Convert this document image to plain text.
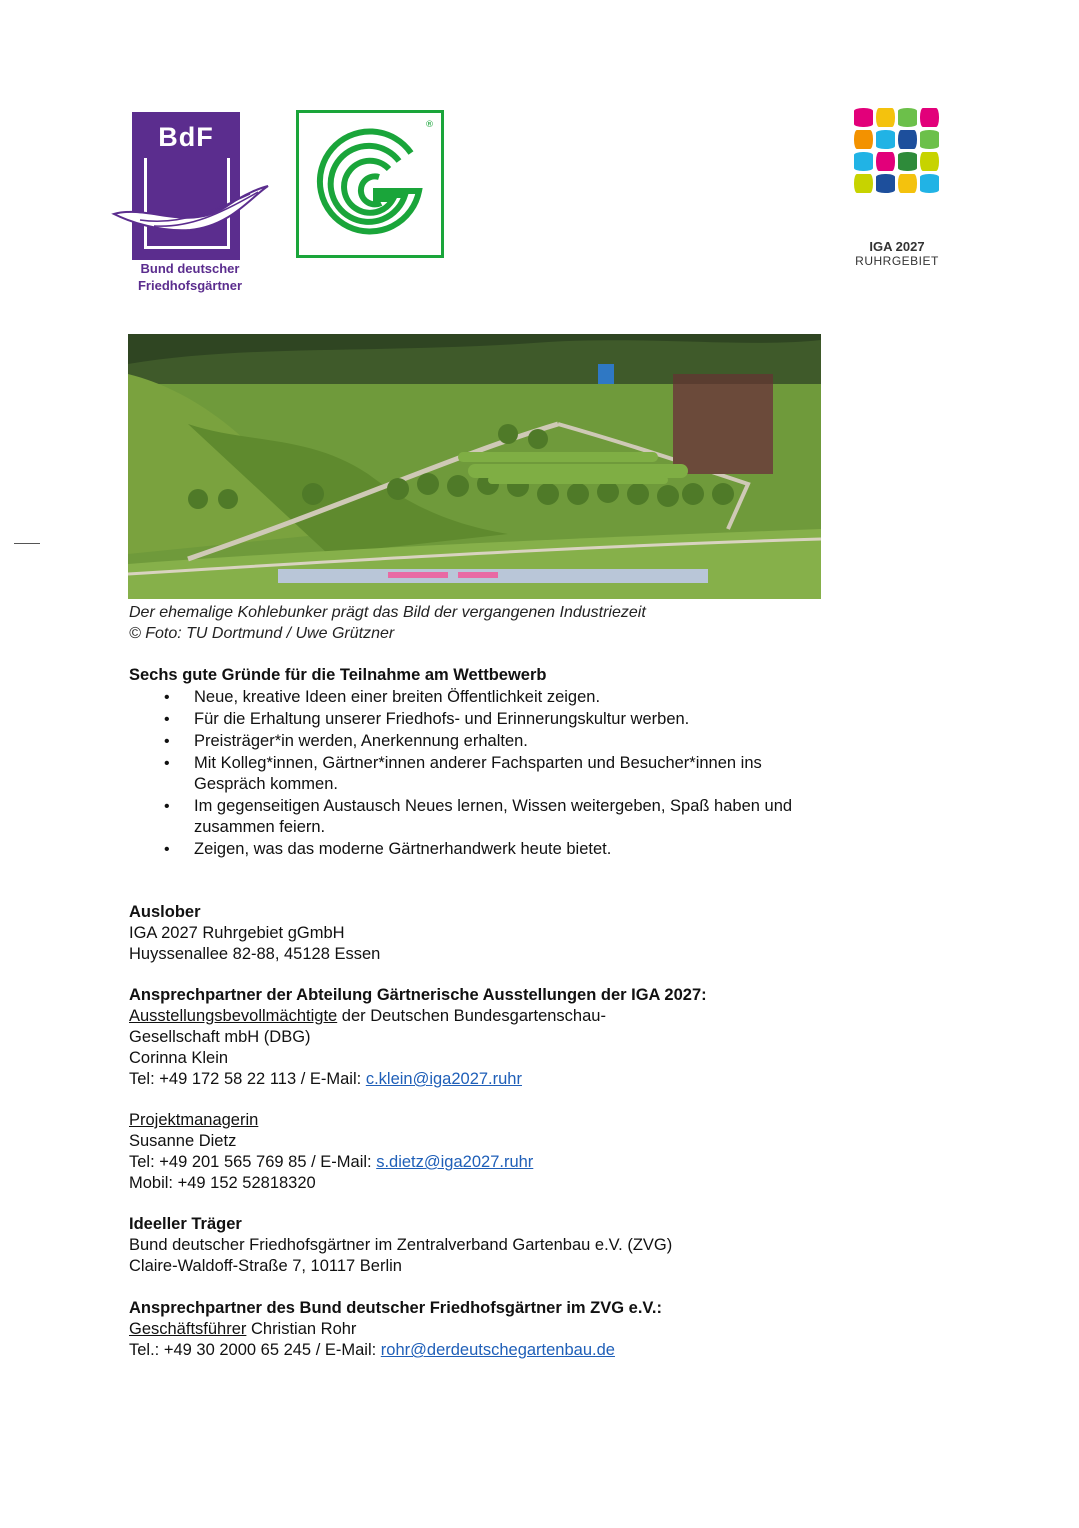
BdF
Bund deutscher
Friedhofsgärtner
®
IGA 2027
RUHRGEBIET
Der ehemalige Kohlebunker prägt das Bild der vergangenen Industriezeit
© Foto: TU Dortmund / Uwe Grützner
Sechs gute Gründe für die Teilnahme am Wettbewerb
• Neue, kreative Ideen einer breiten Öffentlichkeit zeigen.
• Für die Erhaltung unserer Friedhofs- und Erinnerungskultur werben.
• Preisträger*in werden, Anerkennung erhalten.
• Mit Kolleg*innen, Gärtner*innen anderer Fachsparten und Besucher*innen ins Gespräch kommen.
• Im gegenseitigen Austausch Neues lernen, Wissen weitergeben, Spaß haben und zusammen feiern.
• Zeigen, was das moderne Gärtnerhandwerk heute bietet.
Auslober
IGA 2027 Ruhrgebiet gGmbH
Huyssenallee 82-88, 45128 Essen
Ansprechpartner der Abteilung Gärtnerische Ausstellungen der IGA 2027:
Ausstellungsbevollmächtigte der Deutschen Bundesgartenschau-
Gesellschaft mbH (DBG)
Corinna Klein
Tel: +49 172 58 22 113 / E-Mail: c.klein@iga2027.ruhr
Projektmanagerin
Susanne Dietz
Tel: +49 201 565 769 85 / E-Mail: s.dietz@iga2027.ruhr
Mobil: +49 152 52818320
Ideeller Träger
Bund deutscher Friedhofsgärtner im Zentralverband Gartenbau e.V. (ZVG)
Claire-Waldoff-Straße 7, 10117 Berlin
Ansprechpartner des Bund deutscher Friedhofsgärtner im ZVG e.V.:
Geschäftsführer Christian Rohr
Tel.: +49 30 2000 65 245 / E-Mail: rohr@derdeutschegartenbau.de
